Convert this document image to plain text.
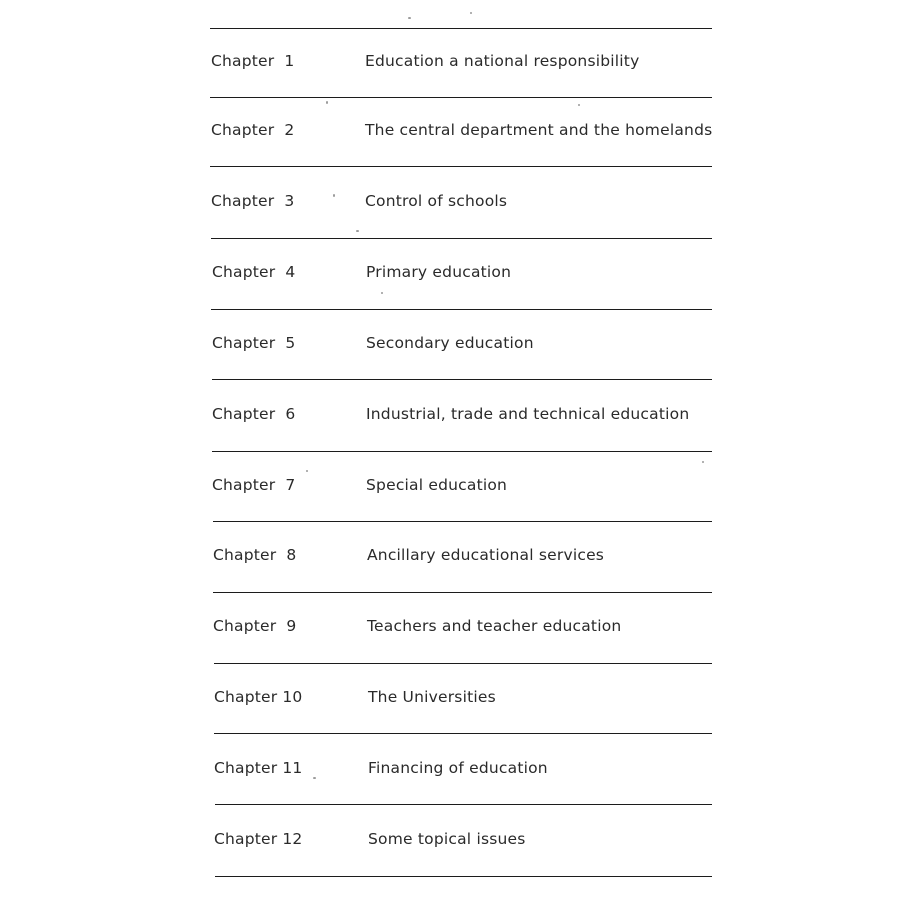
Chapter 1	Education a national responsibility
Chapter 2	The central department and the homelands
Chapter 3	Control of schools
Chapter 4	Primary education
Chapter 5	Secondary education
Chapter 6	Industrial, trade and technical education
Chapter 7	Special education
Chapter 8	Ancillary educational services
Chapter 9	Teachers and teacher education
Chapter 10	The Universities
Chapter 11	Financing of education
Chapter 12	Some topical issues
